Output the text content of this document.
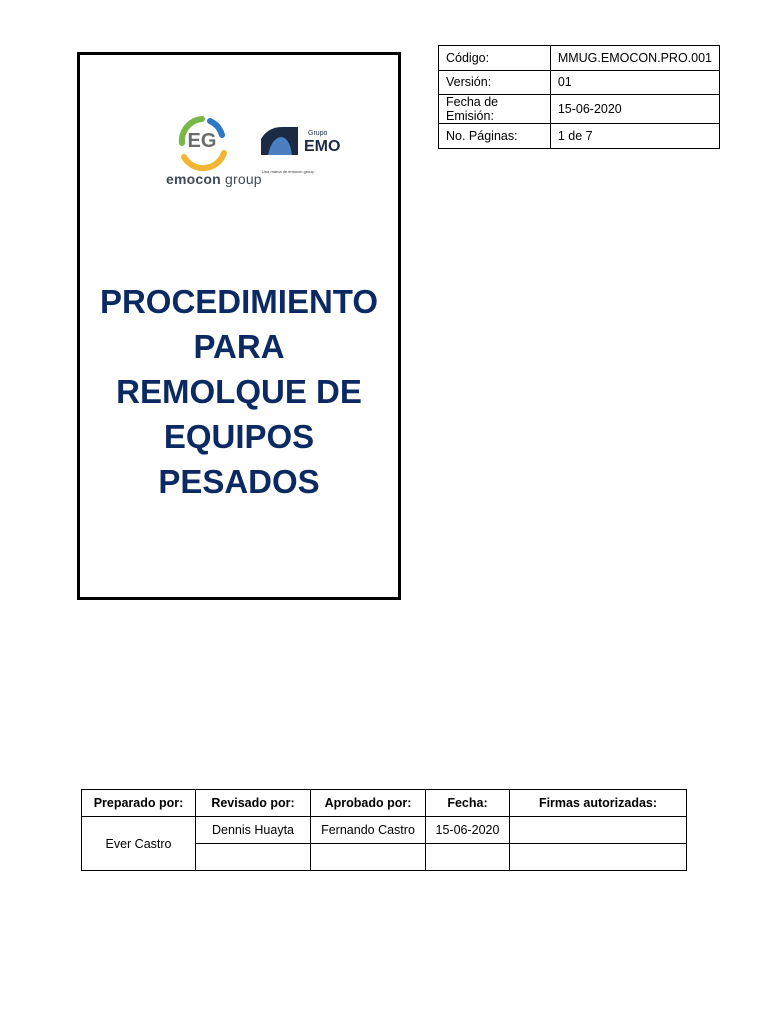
EG	Grupo
EMO
Una marca de emocon group
emocon group
PROCEDIMIENTO
PARA
REMOLQUE DE
EQUIPOS
PESADOS
Código:	MMUG.EMOCON.PRO.001
Versión:	01
Fecha de Emisión:	15-06-2020
No. Páginas:	1 de 7
Preparado por:	Revisado por:	Aprobado por:	Fecha:	Firmas autorizadas:
Ever Castro	Dennis Huayta	Fernando Castro	15-06-2020	
